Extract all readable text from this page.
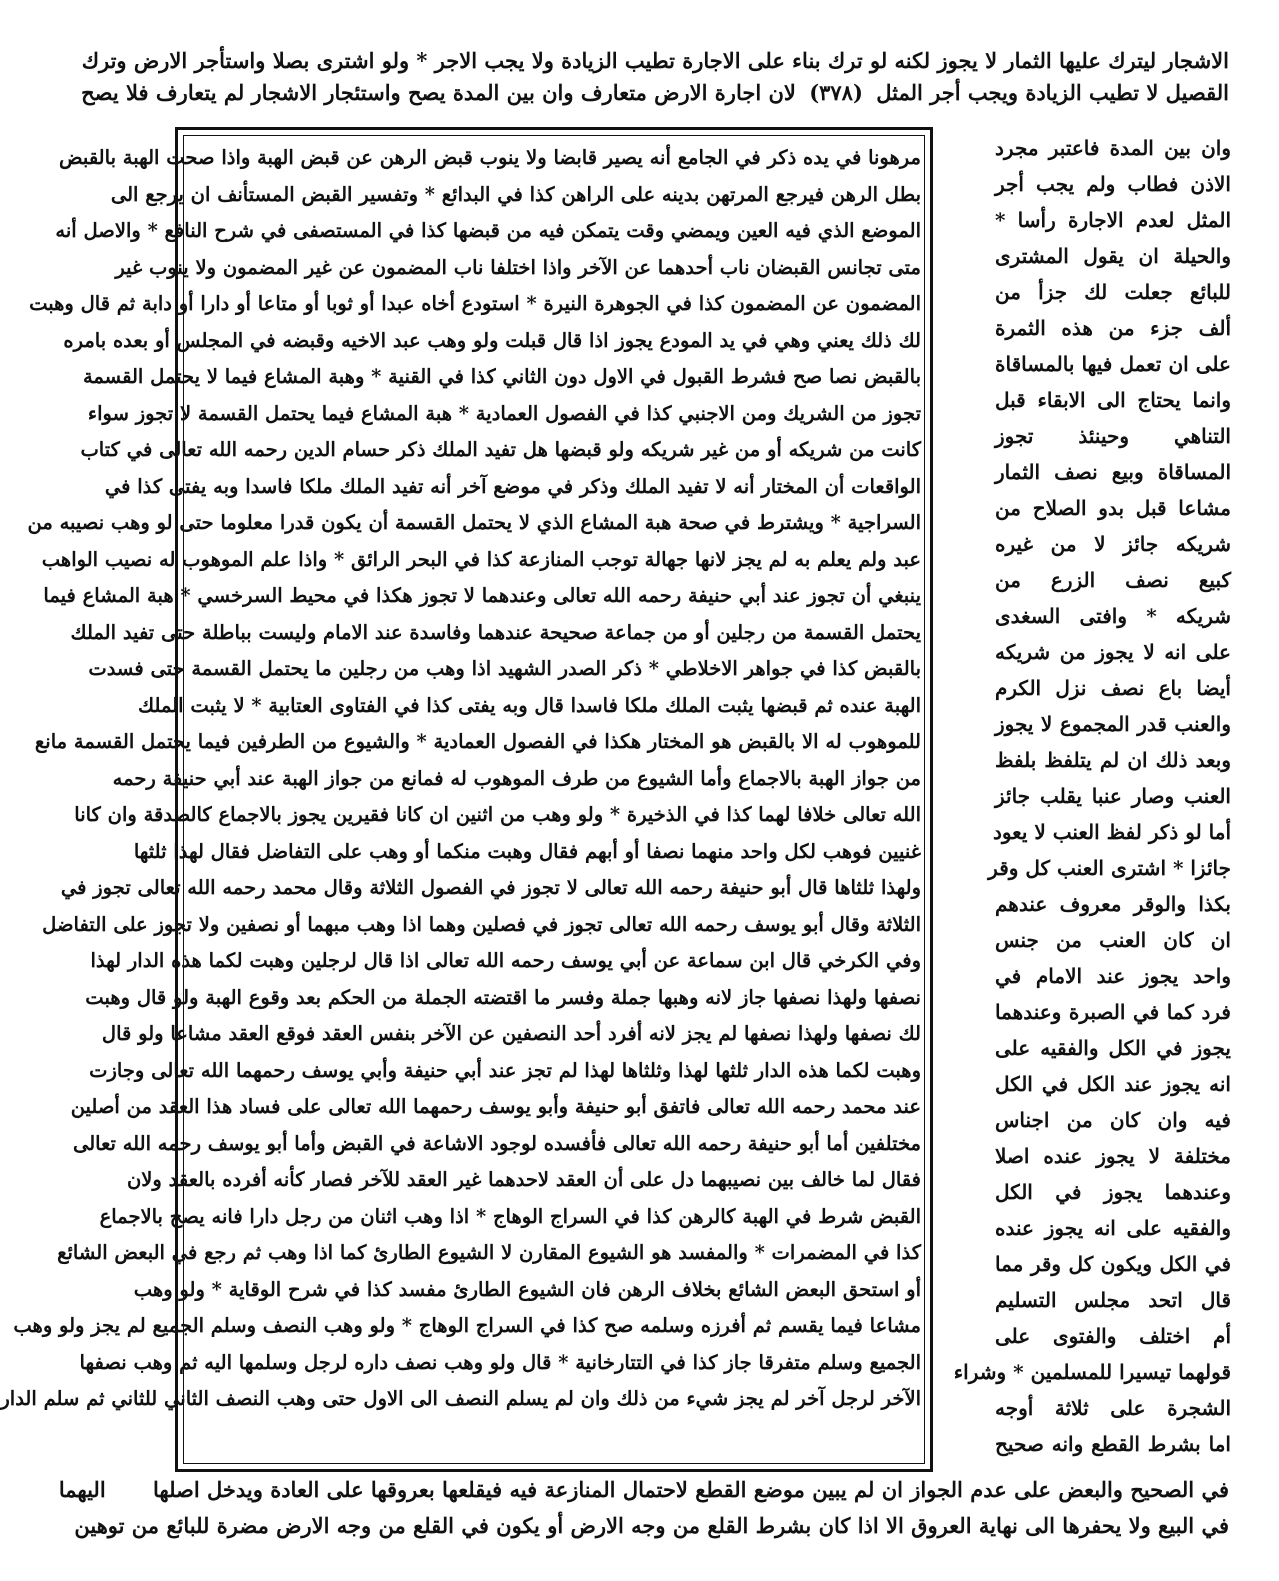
الاشجار ليترك عليها الثمار لا يجوز لكنه لو ترك بناء على الاجارة تطيب الزيادة ولا يجب الاجر * ولو اشترى بصلا واستأجر الارض وترك
القصيل لا تطيب الزيادة ويجب أجر المثل (٣٧٨) لان اجارة الارض متعارف وان بين المدة يصح واستئجار الاشجار لم يتعارف فلا يصح
مرهونا في يده ذكر في الجامع أنه يصير قابضا ولا ينوب قبض الرهن عن قبض الهبة واذا صحت الهبة بالقبض
بطل الرهن فيرجع المرتهن بدينه على الراهن كذا في البدائع * وتفسير القبض المستأنف ان يرجع الى
الموضع الذي فيه العين ويمضي وقت يتمكن فيه من قبضها كذا في المستصفى في شرح النافع * والاصل أنه
متى تجانس القبضان ناب أحدهما عن الآخر واذا اختلفا ناب المضمون عن غير المضمون ولا ينوب غير
المضمون عن المضمون كذا في الجوهرة النيرة * استودع أخاه عبدا أو ثوبا أو متاعا أو دارا أو دابة ثم قال وهبت
لك ذلك يعني وهي في يد المودع يجوز اذا قال قبلت ولو وهب عبد الاخيه وقبضه في المجلس أو بعده بامره
بالقبض نصا صح فشرط القبول في الاول دون الثاني كذا في القنية * وهبة المشاع فيما لا يحتمل القسمة
تجوز من الشريك ومن الاجنبي كذا في الفصول العمادية * هبة المشاع فيما يحتمل القسمة لا تجوز سواء
كانت من شريكه أو من غير شريكه ولو قبضها هل تفيد الملك ذكر حسام الدين رحمه الله تعالى في كتاب
الواقعات أن المختار أنه لا تفيد الملك وذكر في موضع آخر أنه تفيد الملك ملكا فاسدا وبه يفتى كذا في
السراجية * ويشترط في صحة هبة المشاع الذي لا يحتمل القسمة أن يكون قدرا معلوما حتى لو وهب نصيبه من
عبد ولم يعلم به لم يجز لانها جهالة توجب المنازعة كذا في البحر الرائق * واذا علم الموهوب له نصيب الواهب
ينبغي أن تجوز عند أبي حنيفة رحمه الله تعالى وعندهما لا تجوز هكذا في محيط السرخسي * هبة المشاع فيما
يحتمل القسمة من رجلين أو من جماعة صحيحة عندهما وفاسدة عند الامام وليست بباطلة حتى تفيد الملك
بالقبض كذا في جواهر الاخلاطي * ذكر الصدر الشهيد اذا وهب من رجلين ما يحتمل القسمة حتى فسدت
الهبة عنده ثم قبضها يثبت الملك ملكا فاسدا قال وبه يفتى كذا في الفتاوى العتابية * لا يثبت الملك
للموهوب له الا بالقبض هو المختار هكذا في الفصول العمادية * والشيوع من الطرفين فيما يحتمل القسمة مانع
من جواز الهبة بالاجماع وأما الشيوع من طرف الموهوب له فمانع من جواز الهبة عند أبي حنيفة رحمه
الله تعالى خلافا لهما كذا في الذخيرة * ولو وهب من اثنين ان كانا فقيرين يجوز بالاجماع كالصدقة وان كانا
غنيين فوهب لكل واحد منهما نصفا أو أبهم فقال وهبت منكما أو وهب على التفاضل فقال لهذا ثلثها
ولهذا ثلثاها قال أبو حنيفة رحمه الله تعالى لا تجوز في الفصول الثلاثة وقال محمد رحمه الله تعالى تجوز في
الثلاثة وقال أبو يوسف رحمه الله تعالى تجوز في فصلين وهما اذا وهب مبهما أو نصفين ولا تجوز على التفاضل
وفي الكرخي قال ابن سماعة عن أبي يوسف رحمه الله تعالى اذا قال لرجلين وهبت لكما هذه الدار لهذا
نصفها ولهذا نصفها جاز لانه وهبها جملة وفسر ما اقتضته الجملة من الحكم بعد وقوع الهبة ولو قال وهبت
لك نصفها ولهذا نصفها لم يجز لانه أفرد أحد النصفين عن الآخر بنفس العقد فوقع العقد مشاعا ولو قال
وهبت لكما هذه الدار ثلثها لهذا وثلثاها لهذا لم تجز عند أبي حنيفة وأبي يوسف رحمهما الله تعالى وجازت
عند محمد رحمه الله تعالى فاتفق أبو حنيفة وأبو يوسف رحمهما الله تعالى على فساد هذا العقد من أصلين
مختلفين أما أبو حنيفة رحمه الله تعالى فأفسده لوجود الاشاعة في القبض وأما أبو يوسف رحمه الله تعالى
فقال لما خالف بين نصيبهما دل على أن العقد لاحدهما غير العقد للآخر فصار كأنه أفرده بالعقد ولان
القبض شرط في الهبة كالرهن كذا في السراج الوهاج * اذا وهب اثنان من رجل دارا فانه يصح بالاجماع
كذا في المضمرات * والمفسد هو الشيوع المقارن لا الشيوع الطارئ كما اذا وهب ثم رجع في البعض الشائع
أو استحق البعض الشائع بخلاف الرهن فان الشيوع الطارئ مفسد كذا في شرح الوقاية * ولو وهب
مشاعا فيما يقسم ثم أفرزه وسلمه صح كذا في السراج الوهاج * ولو وهب النصف وسلم الجميع لم يجز ولو وهب
الجميع وسلم متفرقا جاز كذا في التتارخانية * قال ولو وهب نصف داره لرجل وسلمها اليه ثم وهب نصفها
الآخر لرجل آخر لم يجز شيء من ذلك وان لم يسلم النصف الى الاول حتى وهب النصف الثاني للثاني ثم سلم الدار
وان بين المدة فاعتبر مجرد
الاذن فطاب ولم يجب أجر
المثل لعدم الاجارة رأسا *
والحيلة ان يقول المشترى
للبائع جعلت لك جزأ من
ألف جزء من هذه الثمرة
على ان تعمل فيها بالمساقاة
وانما يحتاج الى الابقاء قبل
التناهي وحينئذ تجوز
المساقاة وبيع نصف الثمار
مشاعا قبل بدو الصلاح من
شريكه جائز لا من غيره
كبيع نصف الزرع من
شريكه * وافتى السغدى
على انه لا يجوز من شريكه
أيضا باع نصف نزل الكرم
والعنب قدر المجموع لا يجوز
وبعد ذلك ان لم يتلفظ بلفظ
العنب وصار عنبا يقلب جائز
أما لو ذكر لفظ العنب لا يعود
جائزا * اشترى العنب كل وقر
بكذا والوقر معروف عندهم
ان كان العنب من جنس
واحد يجوز عند الامام في
فرد كما في الصبرة وعندهما
يجوز في الكل والفقيه على
انه يجوز عند الكل في الكل
فيه وان كان من اجناس
مختلفة لا يجوز عنده اصلا
وعندهما يجوز في الكل
والفقيه على انه يجوز عنده
في الكل ويكون كل وقر مما
قال اتحد مجلس التسليم
أم اختلف والفتوى على
قولهما تيسيرا للمسلمين * وشراء
الشجرة على ثلاثة أوجه
اما بشرط القطع وانه صحيح
في الصحيح والبعض على عدم الجواز ان لم يبين موضع القطع لاحتمال المنازعة فيه فيقلعها بعروقها على العادة ويدخل اصلها اليهما
في البيع ولا يحفرها الى نهاية العروق الا اذا كان بشرط القلع من وجه الارض أو يكون في القلع من وجه الارض مضرة للبائع من توهين
